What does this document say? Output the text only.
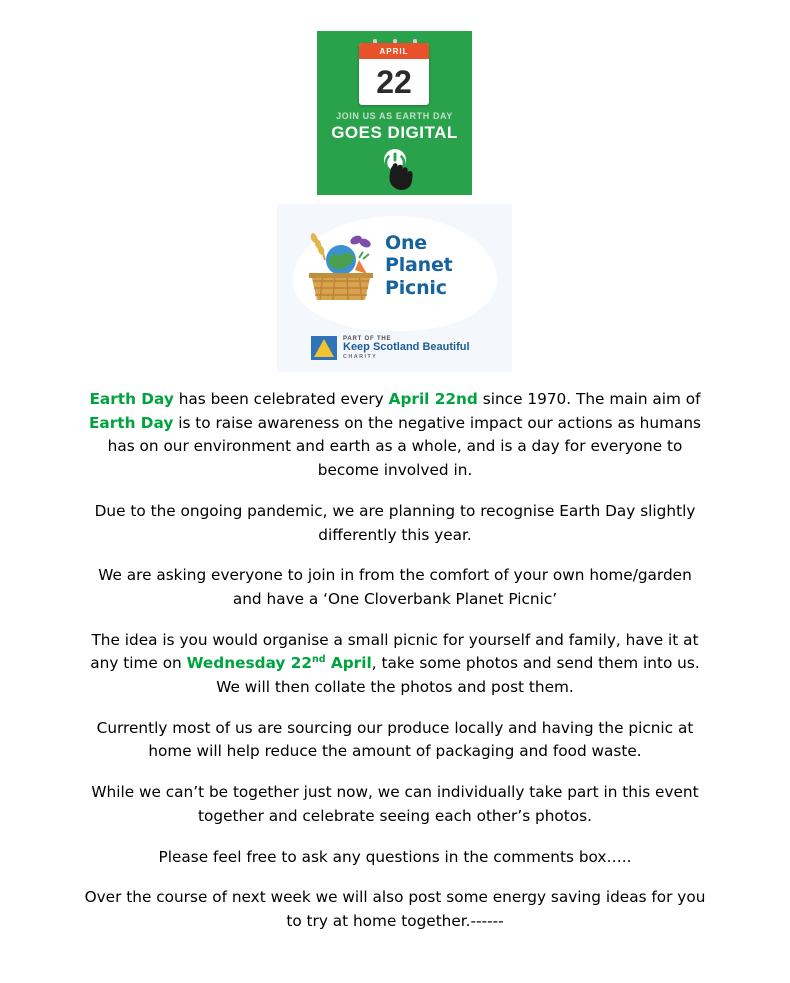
APRIL
22
JOIN US AS EARTH DAY
GOES DIGITAL
One
Planet
Picnic
PART OF THE
Keep Scotland Beautiful
CHARITY

Earth Day has been celebrated every April 22nd since 1970. The main aim of Earth Day is to raise awareness on the negative impact our actions as humans has on our environment and earth as a whole, and is a day for everyone to become involved in.

Due to the ongoing pandemic, we are planning to recognise Earth Day slightly differently this year.

We are asking everyone to join in from the comfort of your own home/garden and have a ‘One Cloverbank Planet Picnic’

The idea is you would organise a small picnic for yourself and family, have it at any time on Wednesday 22nd April, take some photos and send them into us. We will then collate the photos and post them.

Currently most of us are sourcing our produce locally and having the picnic at home will help reduce the amount of packaging and food waste.

While we can’t be together just now, we can individually take part in this event together and celebrate seeing each other’s photos.

Please feel free to ask any questions in the comments box…..

Over the course of next week we will also post some energy saving ideas for you to try at home together.------
